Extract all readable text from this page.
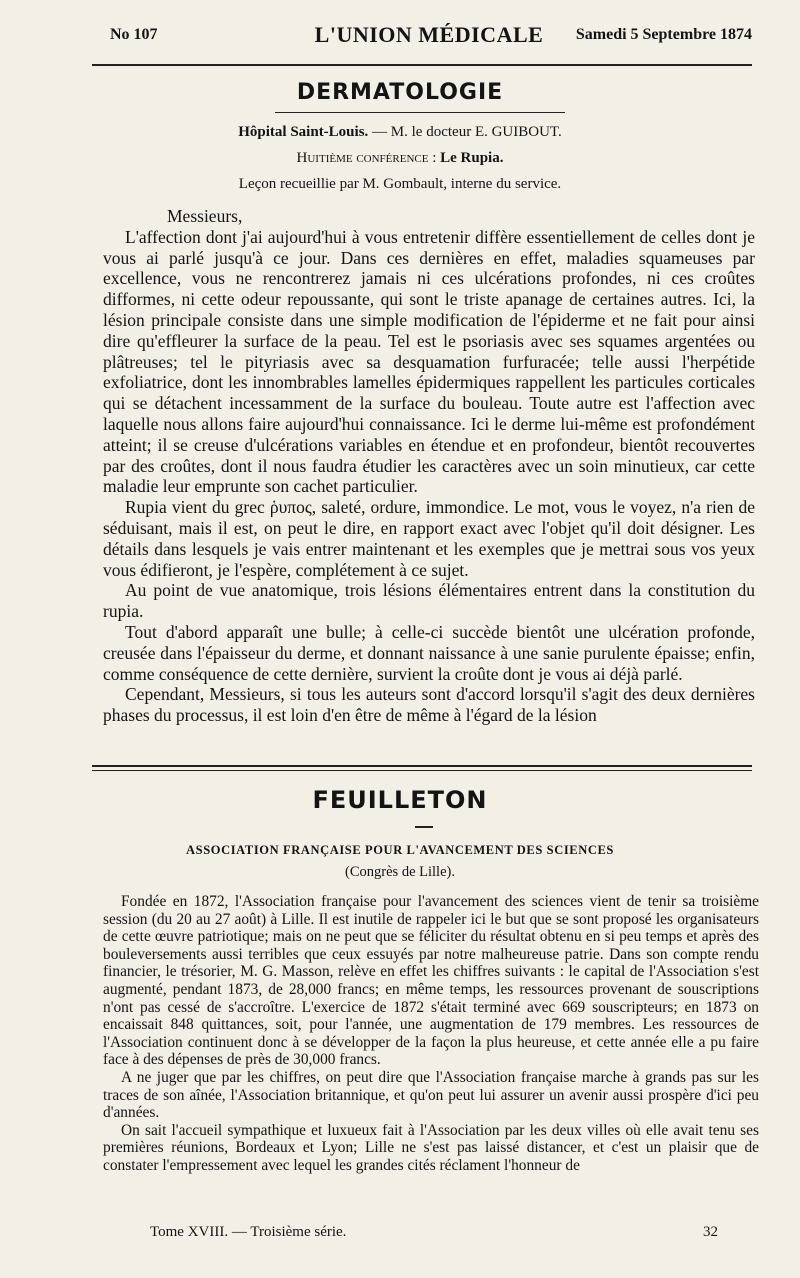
No 107	L'UNION MÉDICALE	Samedi 5 Septembre 1874
DERMATOLOGIE
Hôpital Saint-Louis. — M. le docteur E. GUIBOUT.
Huitième conférence : Le Rupia.
Leçon recueillie par M. Gombault, interne du service.

Messieurs,

L'affection dont j'ai aujourd'hui à vous entretenir diffère essentiellement de celles dont je vous ai parlé jusqu'à ce jour. Dans ces dernières en effet, maladies squameuses par excellence, vous ne rencontrerez jamais ni ces ulcérations profondes, ni ces croûtes difformes, ni cette odeur repoussante, qui sont le triste apanage de certaines autres. Ici, la lésion principale consiste dans une simple modification de l'épiderme et ne fait pour ainsi dire qu'effleurer la surface de la peau. Tel est le psoriasis avec ses squames argentées ou plâtreuses; tel le pityriasis avec sa desquamation furfuracée; telle aussi l'herpétide exfoliatrice, dont les innombrables lamelles épidermiques rappellent les particules corticales qui se détachent incessamment de la surface du bouleau. Toute autre est l'affection avec laquelle nous allons faire aujourd'hui connaissance. Ici le derme lui-même est profondément atteint; il se creuse d'ulcérations variables en étendue et en profondeur, bientôt recouvertes par des croûtes, dont il nous faudra étudier les caractères avec un soin minutieux, car cette maladie leur emprunte son cachet particulier.

Rupia vient du grec ῥυπος, saleté, ordure, immondice. Le mot, vous le voyez, n'a rien de séduisant, mais il est, on peut le dire, en rapport exact avec l'objet qu'il doit désigner. Les détails dans lesquels je vais entrer maintenant et les exemples que je mettrai sous vos yeux vous édifieront, je l'espère, complétement à ce sujet.

Au point de vue anatomique, trois lésions élémentaires entrent dans la constitution du rupia.

Tout d'abord apparaît une bulle; à celle-ci succède bientôt une ulcération profonde, creusée dans l'épaisseur du derme, et donnant naissance à une sanie purulente épaisse; enfin, comme conséquence de cette dernière, survient la croûte dont je vous ai déjà parlé.

Cependant, Messieurs, si tous les auteurs sont d'accord lorsqu'il s'agit des deux dernières phases du processus, il est loin d'en être de même à l'égard de la lésion

FEUILLETON
ASSOCIATION FRANÇAISE POUR L'AVANCEMENT DES SCIENCES
(Congrès de Lille).

Fondée en 1872, l'Association française pour l'avancement des sciences vient de tenir sa troisième session (du 20 au 27 août) à Lille. Il est inutile de rappeler ici le but que se sont proposé les organisateurs de cette œuvre patriotique; mais on ne peut que se féliciter du résultat obtenu en si peu temps et après des bouleversements aussi terribles que ceux essuyés par notre malheureuse patrie. Dans son compte rendu financier, le trésorier, M. G. Masson, relève en effet les chiffres suivants : le capital de l'Association s'est augmenté, pendant 1873, de 28,000 francs; en même temps, les ressources provenant de souscriptions n'ont pas cessé de s'accroître. L'exercice de 1872 s'était terminé avec 669 souscripteurs; en 1873 on encaissait 848 quittances, soit, pour l'année, une augmentation de 179 membres. Les ressources de l'Association continuent donc à se développer de la façon la plus heureuse, et cette année elle a pu faire face à des dépenses de près de 30,000 francs.

A ne juger que par les chiffres, on peut dire que l'Association française marche à grands pas sur les traces de son aînée, l'Association britannique, et qu'on peut lui assurer un avenir aussi prospère d'ici peu d'années.

On sait l'accueil sympathique et luxueux fait à l'Association par les deux villes où elle avait tenu ses premières réunions, Bordeaux et Lyon; Lille ne s'est pas laissé distancer, et c'est un plaisir que de constater l'empressement avec lequel les grandes cités réclament l'honneur de

Tome XVIII. — Troisième série.	32
